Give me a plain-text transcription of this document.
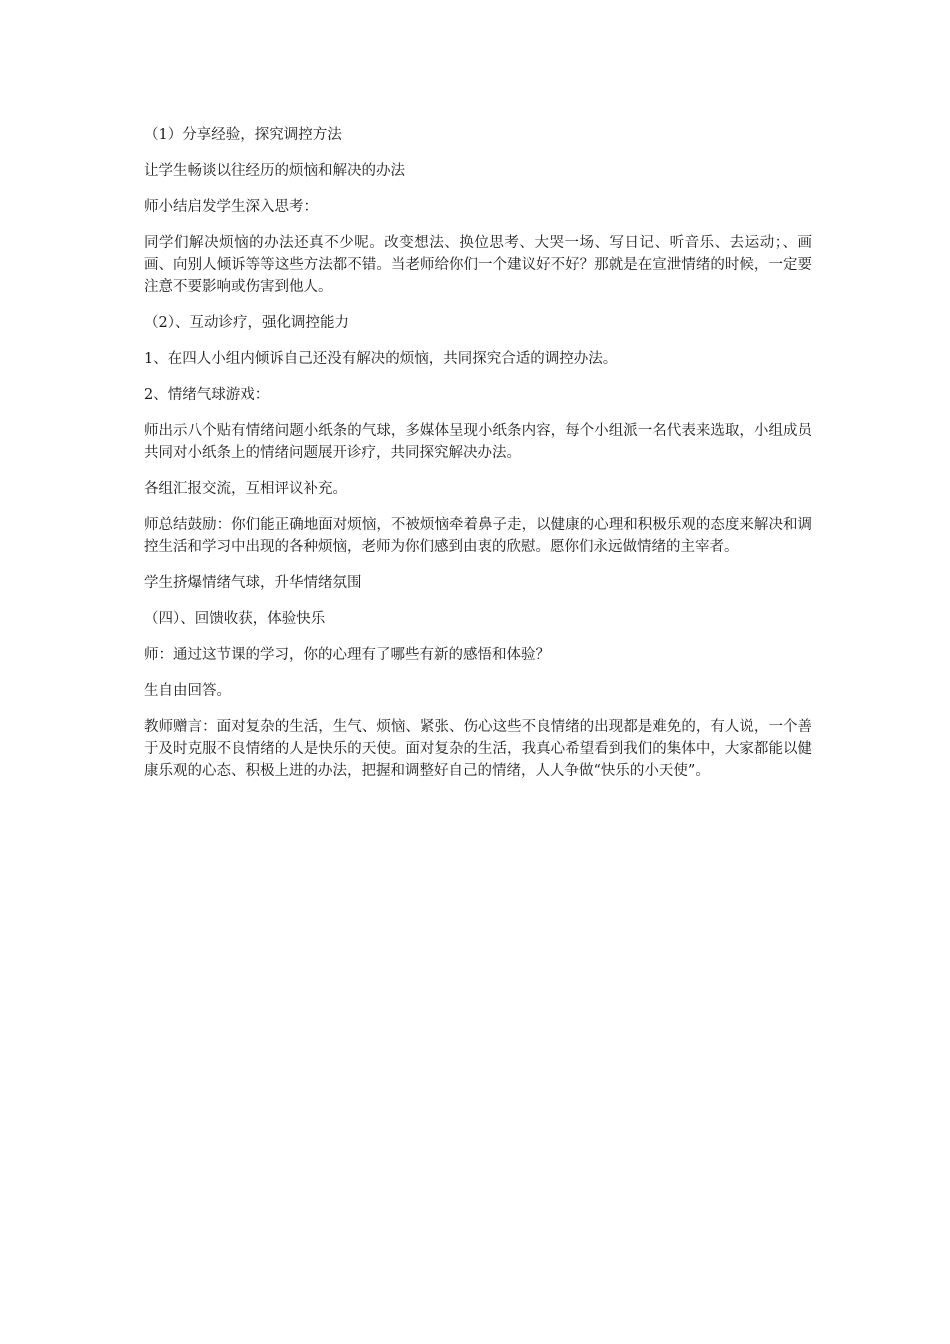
（1）分享经验，探究调控方法

让学生畅谈以往经历的烦恼和解决的办法

师小结启发学生深入思考：

同学们解决烦恼的办法还真不少呢。改变想法、换位思考、大哭一场、写日记、听音乐、去运动；、画画、向别人倾诉等等这些方法都不错。当老师给你们一个建议好不好？那就是在宣泄情绪的时候，一定要注意不要影响或伤害到他人。

（2）、互动诊疗，强化调控能力

1、在四人小组内倾诉自己还没有解决的烦恼，共同探究合适的调控办法。

2、情绪气球游戏：

师出示八个贴有情绪问题小纸条的气球，多媒体呈现小纸条内容，每个小组派一名代表来选取，小组成员共同对小纸条上的情绪问题展开诊疗，共同探究解决办法。

各组汇报交流，互相评议补充。

师总结鼓励：你们能正确地面对烦恼，不被烦恼牵着鼻子走，以健康的心理和积极乐观的态度来解决和调控生活和学习中出现的各种烦恼，老师为你们感到由衷的欣慰。愿你们永远做情绪的主宰者。

学生挤爆情绪气球，升华情绪氛围

（四）、回馈收获，体验快乐

师：通过这节课的学习，你的心理有了哪些有新的感悟和体验？

生自由回答。

教师赠言：面对复杂的生活，生气、烦恼、紧张、伤心这些不良情绪的出现都是难免的，有人说，一个善于及时克服不良情绪的人是快乐的天使。面对复杂的生活，我真心希望看到我们的集体中，大家都能以健康乐观的心态、积极上进的办法，把握和调整好自己的情绪，人人争做“快乐的小天使”。
